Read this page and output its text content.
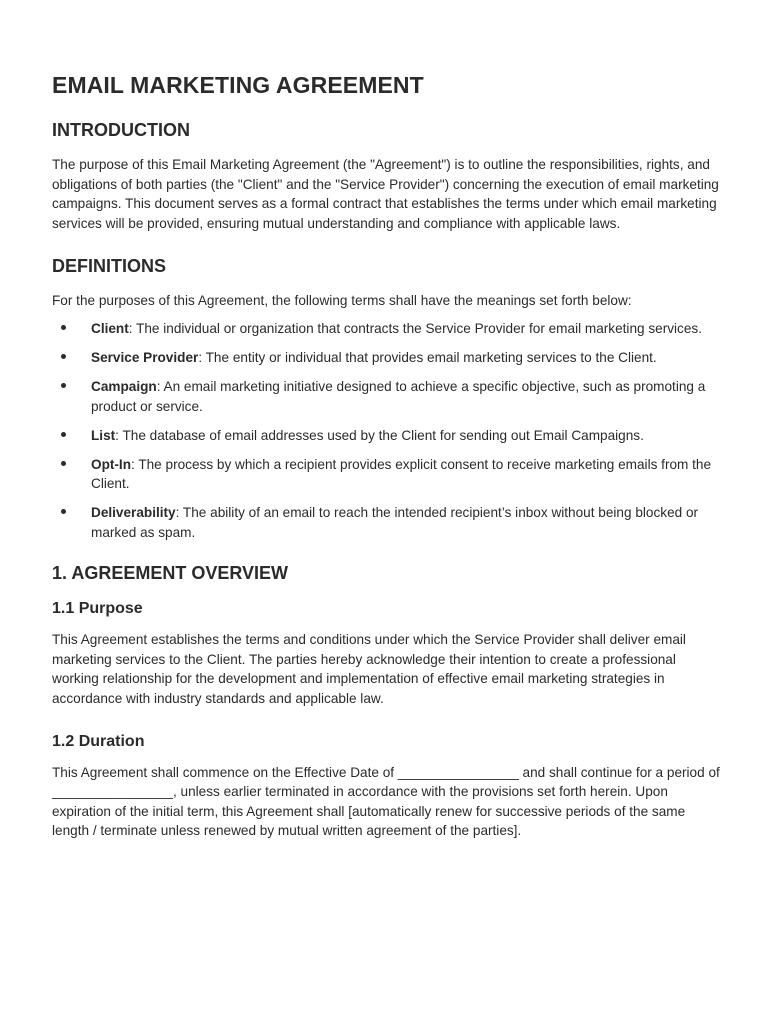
EMAIL MARKETING AGREEMENT
INTRODUCTION

The purpose of this Email Marketing Agreement (the "Agreement") is to outline the responsibilities, rights, and obligations of both parties (the "Client" and the "Service Provider") concerning the execution of email marketing campaigns. This document serves as a formal contract that establishes the terms under which email marketing services will be provided, ensuring mutual understanding and compliance with applicable laws.

DEFINITIONS

For the purposes of this Agreement, the following terms shall have the meanings set forth below:

Client: The individual or organization that contracts the Service Provider for email marketing services.
Service Provider: The entity or individual that provides email marketing services to the Client.
Campaign: An email marketing initiative designed to achieve a specific objective, such as promoting a product or service.
List: The database of email addresses used by the Client for sending out Email Campaigns.
Opt-In: The process by which a recipient provides explicit consent to receive marketing emails from the Client.
Deliverability: The ability of an email to reach the intended recipient’s inbox without being blocked or marked as spam.
1. AGREEMENT OVERVIEW
1.1 Purpose

This Agreement establishes the terms and conditions under which the Service Provider shall deliver email marketing services to the Client. The parties hereby acknowledge their intention to create a professional working relationship for the development and implementation of effective email marketing strategies in accordance with industry standards and applicable law.

1.2 Duration

This Agreement shall commence on the Effective Date of ________________ and shall continue for a period of ________________, unless earlier terminated in accordance with the provisions set forth herein. Upon expiration of the initial term, this Agreement shall [automatically renew for successive periods of the same length / terminate unless renewed by mutual written agreement of the parties].
